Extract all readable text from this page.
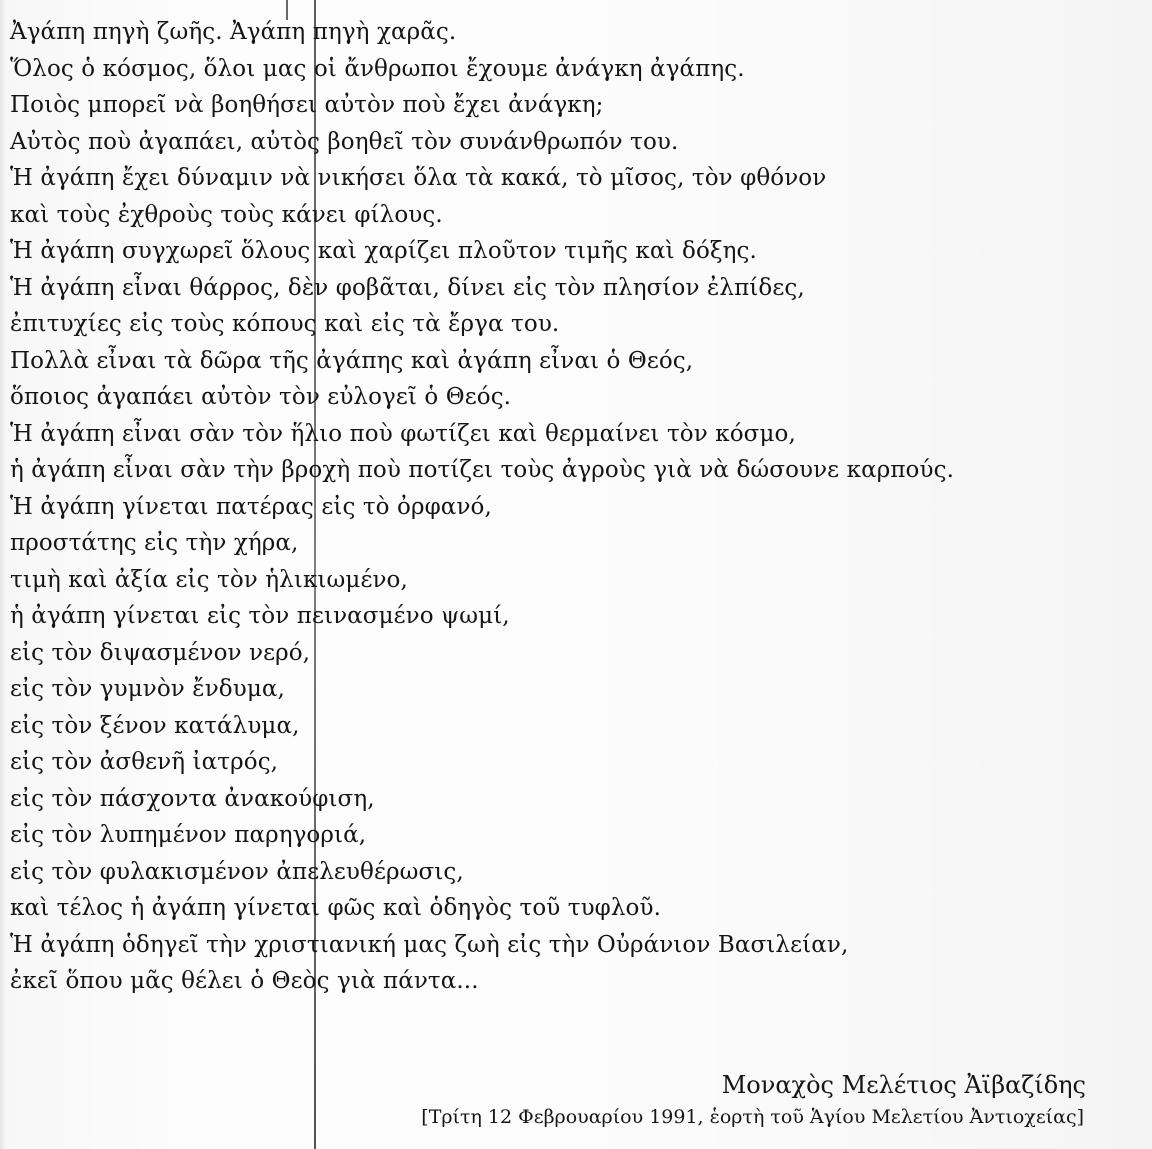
Ἀγάπη πηγὴ ζωῆς. Ἀγάπη πηγὴ χαρᾶς.
Ὅλος ὁ κόσμος, ὅλοι μας οἱ ἄνθρωποι ἔχουμε ἀνάγκη ἀγάπης.
Ποιὸς μπορεῖ νὰ βοηθήσει αὐτὸν ποὺ ἔχει ἀνάγκη;
Αὐτὸς ποὺ ἀγαπάει, αὐτὸς βοηθεῖ τὸν συνάνθρωπόν του.
Ἡ ἀγάπη ἔχει δύναμιν νὰ νικήσει ὅλα τὰ κακά, τὸ μῖσος, τὸν φθόνον
καὶ τοὺς ἐχθροὺς τοὺς κάνει φίλους.
Ἡ ἀγάπη συγχωρεῖ ὅλους καὶ χαρίζει πλοῦτον τιμῆς καὶ δόξης.
Ἡ ἀγάπη εἶναι θάρρος, δὲν φοβᾶται, δίνει εἰς τὸν πλησίον ἐλπίδες,
ἐπιτυχίες εἰς τοὺς κόπους καὶ εἰς τὰ ἔργα του.
Πολλὰ εἶναι τὰ δῶρα τῆς ἀγάπης καὶ ἀγάπη εἶναι ὁ Θεός,
ὅποιος ἀγαπάει αὐτὸν τὸν εὐλογεῖ ὁ Θεός.
Ἡ ἀγάπη εἶναι σὰν τὸν ἥλιο ποὺ φωτίζει καὶ θερμαίνει τὸν κόσμο,
ἡ ἀγάπη εἶναι σὰν τὴν βροχὴ ποὺ ποτίζει τοὺς ἀγροὺς γιὰ νὰ δώσουνε καρπούς.
Ἡ ἀγάπη γίνεται πατέρας εἰς τὸ ὀρφανό,
προστάτης εἰς τὴν χήρα,
τιμὴ καὶ ἀξία εἰς τὸν ἡλικιωμένο,
ἡ ἀγάπη γίνεται εἰς τὸν πεινασμένο ψωμί,
εἰς τὸν διψασμένον νερό,
εἰς τὸν γυμνὸν ἔνδυμα,
εἰς τὸν ξένον κατάλυμα,
εἰς τὸν ἀσθενῆ ἰατρός,
εἰς τὸν πάσχοντα ἀνακούφιση,
εἰς τὸν λυπημένον παρηγοριά,
εἰς τὸν φυλακισμένον ἀπελευθέρωσις,
καὶ τέλος ἡ ἀγάπη γίνεται φῶς καὶ ὁδηγὸς τοῦ τυφλοῦ.
Ἡ ἀγάπη ὁδηγεῖ τὴν χριστιανική μας ζωὴ εἰς τὴν Οὐράνιον Βασιλείαν,
ἐκεῖ ὅπου μᾶς θέλει ὁ Θεὸς γιὰ πάντα...
Μοναχὸς Μελέτιος Ἀϊβαζίδης
[Τρίτη 12 Φεβρουαρίου 1991, ἑορτὴ τοῦ Ἁγίου Μελετίου Ἀντιοχείας]
